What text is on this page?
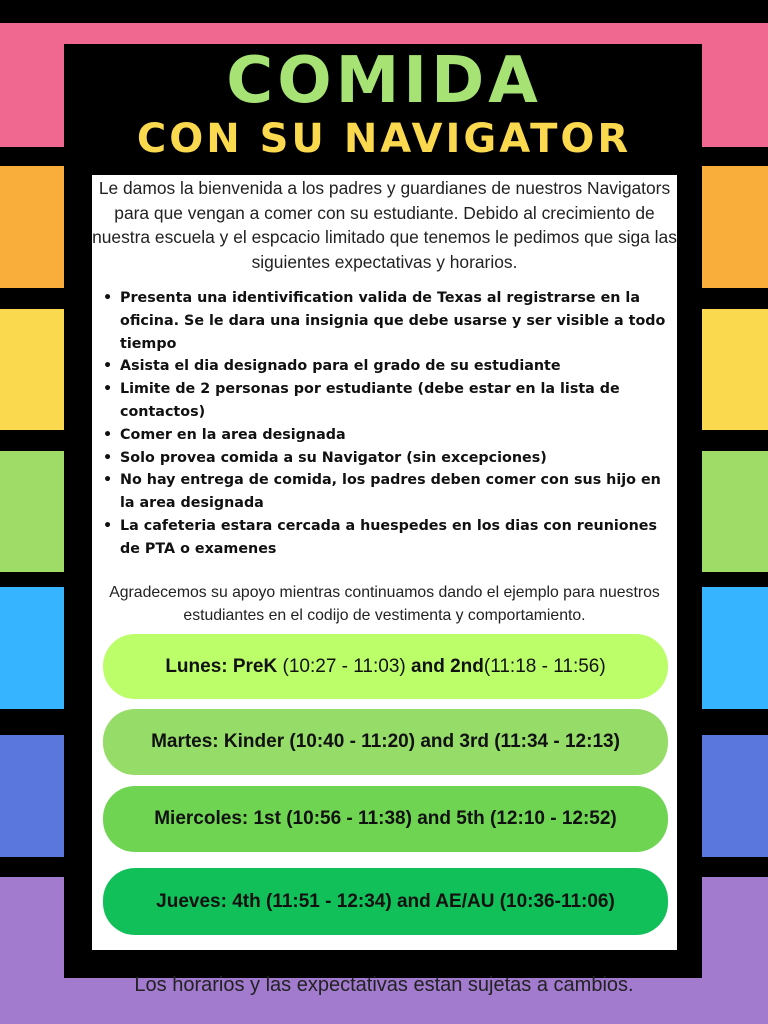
COMIDA
CON SU NAVIGATOR
Le damos la bienvenida a los padres y guardianes de nuestros Navigators para que vengan a comer con su estudiante. Debido al crecimiento de nuestra escuela y el espcacio limitado que tenemos le pedimos que siga las siguientes expectativas y horarios.
• Presenta una identivification valida de Texas al registrarse en la oficina. Se le dara una insignia que debe usarse y ser visible a todo tiempo
• Asista el dia designado para el grado de su estudiante
• Limite de 2 personas por estudiante (debe estar en la lista de contactos)
• Comer en la area designada
• Solo provea comida a su Navigator (sin excepciones)
• No hay entrega de comida, los padres deben comer con sus hijo en la area designada
• La cafeteria estara cercada a huespedes en los dias con reuniones de PTA o examenes
Agradecemos su apoyo mientras continuamos dando el ejemplo para nuestros estudiantes en el codijo de vestimenta y comportamiento.
Lunes: PreK (10:27 - 11:03) and 2nd(11:18 - 11:56)
Martes: Kinder (10:40 - 11:20) and 3rd (11:34 - 12:13)
Miercoles: 1st (10:56 - 11:38) and 5th (12:10 - 12:52)
Jueves: 4th (11:51 - 12:34) and AE/AU (10:36-11:06)
Los horarios y las expectativas estan sujetas a cambios.
